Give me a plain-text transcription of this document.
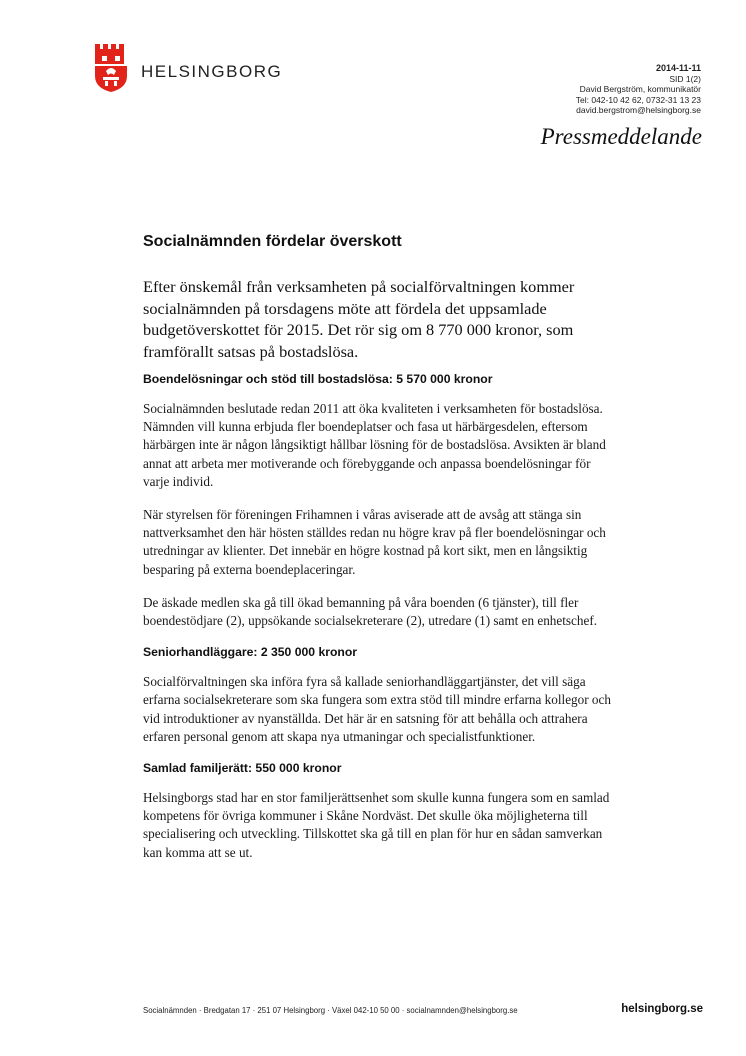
HELSINGBORG	2014-11-11
SID 1(2)
David Bergström, kommunikatör
Tel: 042-10 42 62, 0732-31 13 23
david.bergstrom@helsingborg.se
Pressmeddelande
Socialnämnden fördelar överskott

Efter önskemål från verksamheten på socialförvaltningen kommer socialnämnden på torsdagens möte att fördela det uppsamlade budgetöverskottet för 2015. Det rör sig om 8 770 000 kronor, som framförallt satsas på bostadslösa.

Boendelösningar och stöd till bostadslösa: 5 570 000 kronor

Socialnämnden beslutade redan 2011 att öka kvaliteten i verksamheten för bostadslösa. Nämnden vill kunna erbjuda fler boendeplatser och fasa ut härbärgesdelen, eftersom härbärgen inte är någon långsiktigt hållbar lösning för de bostadslösa. Avsikten är bland annat att arbeta mer motiverande och förebyggande och anpassa boendelösningar för varje individ.

När styrelsen för föreningen Frihamnen i våras aviserade att de avsåg att stänga sin nattverksamhet den här hösten ställdes redan nu högre krav på fler boendelösningar och utredningar av klienter. Det innebär en högre kostnad på kort sikt, men en långsiktig besparing på externa boendeplaceringar.

De äskade medlen ska gå till ökad bemanning på våra boenden (6 tjänster), till fler boendestödjare (2), uppsökande socialsekreterare (2), utredare (1) samt en enhetschef.

Seniorhandläggare: 2 350 000 kronor

Socialförvaltningen ska införa fyra så kallade seniorhandläggartjänster, det vill säga erfarna socialsekreterare som ska fungera som extra stöd till mindre erfarna kollegor och vid introduktioner av nyanställda. Det här är en satsning för att behålla och attrahera erfaren personal genom att skapa nya utmaningar och specialistfunktioner.

Samlad familjerätt: 550 000 kronor

Helsingborgs stad har en stor familjerättsenhet som skulle kunna fungera som en samlad kompetens för övriga kommuner i Skåne Nordväst. Det skulle öka möjligheterna till specialisering och utveckling. Tillskottet ska gå till en plan för hur en sådan samverkan kan komma att se ut.

Socialnämnden · Bredgatan 17 · 251 07 Helsingborg · Växel 042-10 50 00 · socialnamnden@helsingborg.se	helsingborg.se
